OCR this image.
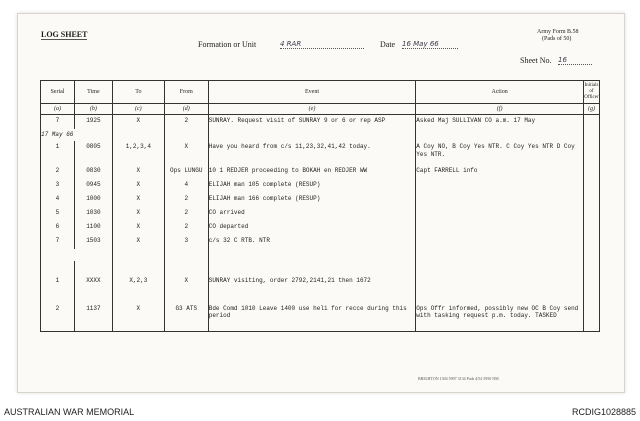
LOG SHEET
Formation or Unit	4 RAR	Date 16 May 66
Army Form B.58
(Pads of 50)
Sheet No. 16
Serial	Time	To	From	Event	Action	Initials of Officer
(a)	(b)	(c)	(d)	(e)	(f)	(g)
7	1925	X	2	SUNRAY. Request visit of SUNRAY 9 or 6 or rep ASP	Asked Maj SULLIVAN CO a.m. 17 May	
17 May 66						
1	0805	1,2,3,4	X	Have you heard from c/s 11,23,32,41,42 today.	A Coy NO, B Coy Yes NTR. C Coy Yes NTR D Coy Yes NTR.	
2	0830	X	Ops LUNGU	10 1 REDJER proceeding to BOKAH en REDJER WW	Capt FARRELL info	
3	0945	X	4	ELIJAH man 105 complete (RESUP)		
4	1000	X	2	ELIJAH man 166 complete (RESUP)		
5	1030	X	2	CO arrived		
6	1100	X	2	CO departed		
7	1503	X	3	c/s 32 C RTB. NTR		

1	XXXX	X,2,3	X	SUNRAY visiting, order 2792,2141,21 then 1672		
2	1137	X	G3 ATS	Bde Comd 1010 Leave 1400 use heli for recce during this period	Ops Offr informed, possibly new OC B Coy send with tasking request p.m. today. TASKED	
BRIGHTON 1304 5907 3134 Pads 4/54 5950 NM
AUSTRALIAN WAR MEMORIAL	RCDIG1028885
